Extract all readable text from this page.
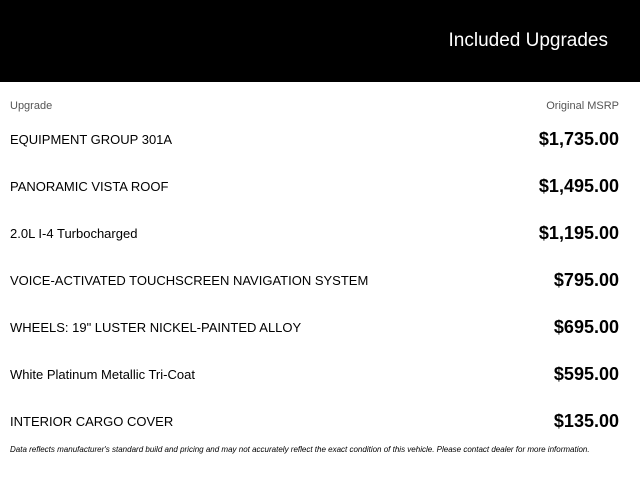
Included Upgrades
Upgrade	Original MSRP
EQUIPMENT GROUP 301A	$1,735.00
PANORAMIC VISTA ROOF	$1,495.00
2.0L I-4 Turbocharged	$1,195.00
VOICE-ACTIVATED TOUCHSCREEN NAVIGATION SYSTEM	$795.00
WHEELS: 19" LUSTER NICKEL-PAINTED ALLOY	$695.00
White Platinum Metallic Tri-Coat	$595.00
INTERIOR CARGO COVER	$135.00
Data reflects manufacturer's standard build and pricing and may not accurately reflect the exact condition of this vehicle. Please contact dealer for more information.
